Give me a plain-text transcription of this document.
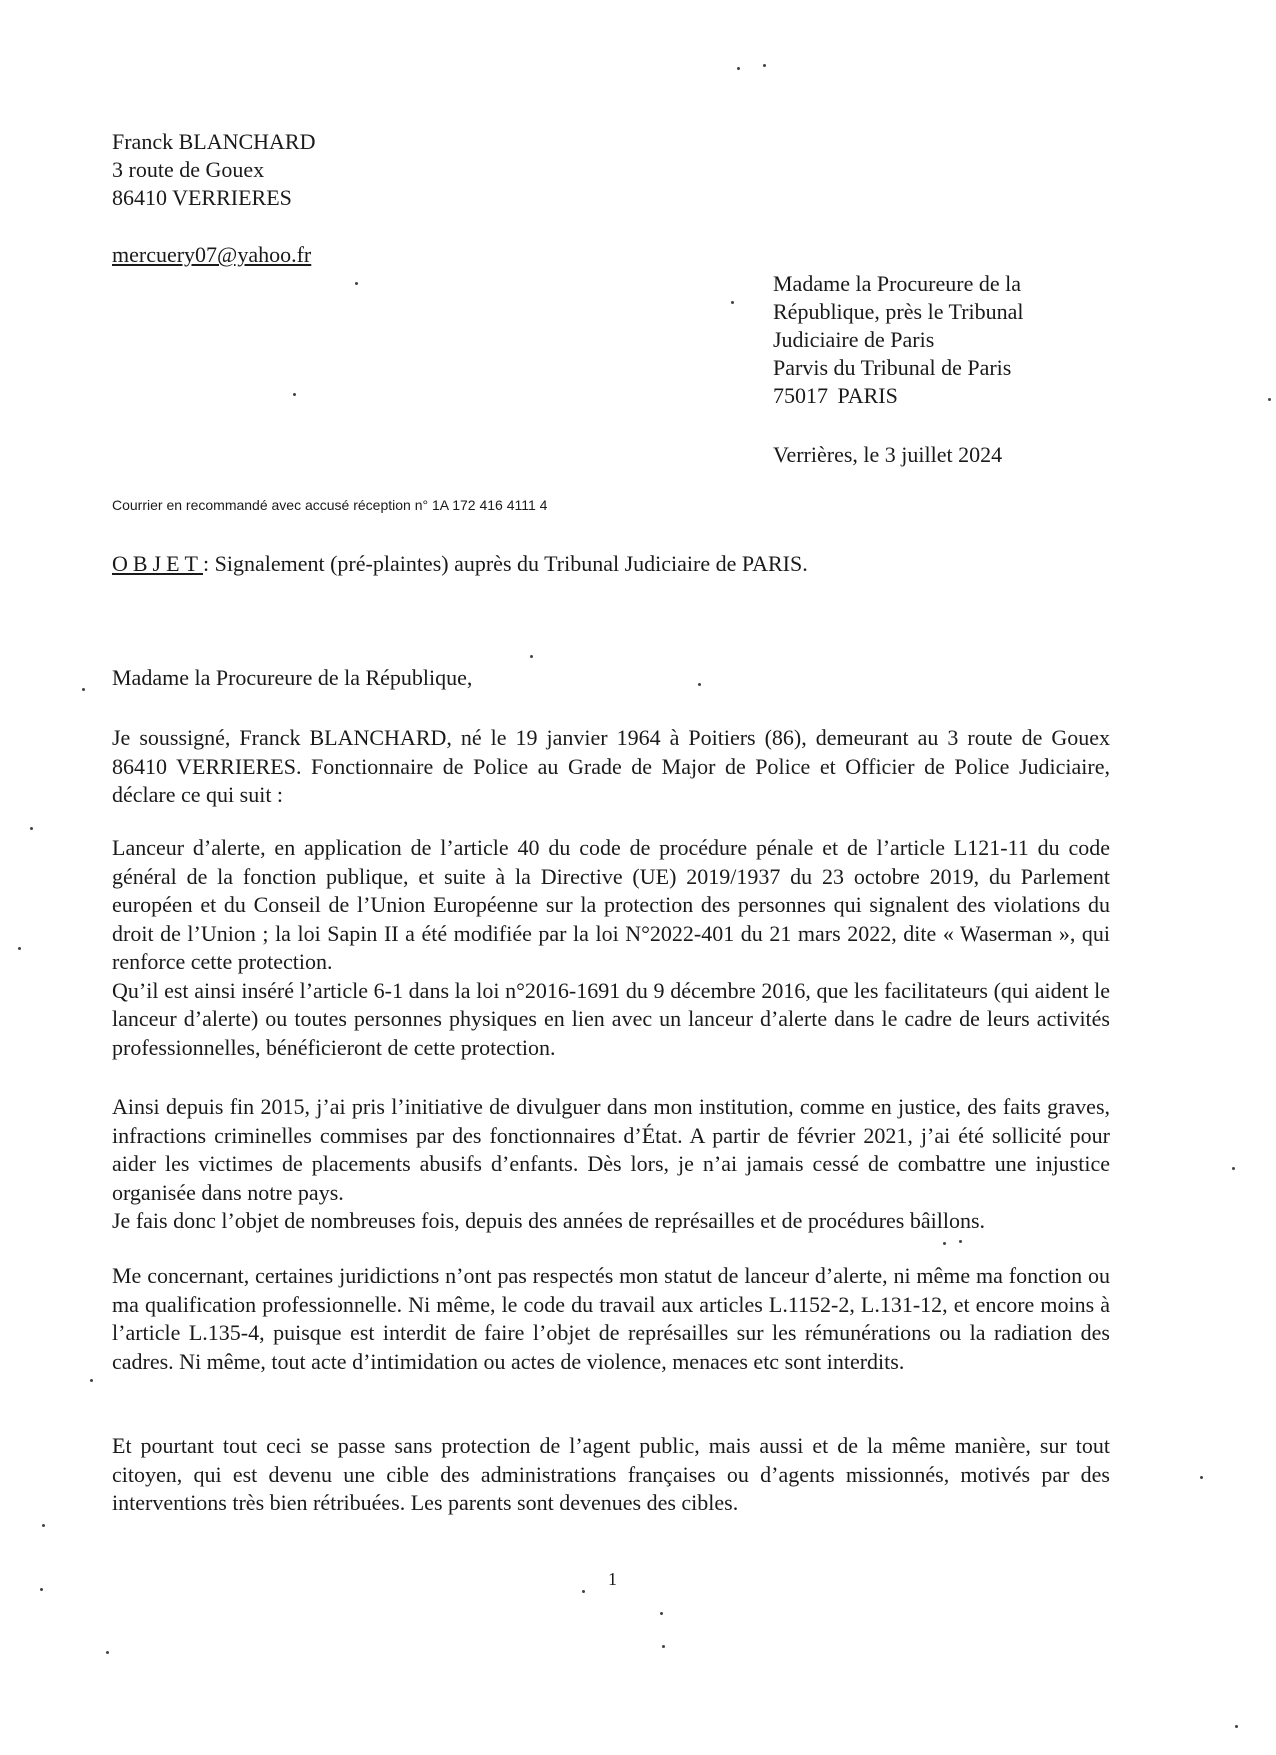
Franck BLANCHARD
3 route de Gouex
86410 VERRIERES
mercuery07@yahoo.fr
Madame la Procureure de la
République, près le Tribunal
Judiciaire de Paris
Parvis du Tribunal de Paris
75017 PARIS
Verrières, le 3 juillet 2024
Courrier en recommandé avec accusé réception n° 1A 172 416 4111 4
OBJET: Signalement (pré-plaintes) auprès du Tribunal Judiciaire de PARIS.
Madame la Procureure de la République,

Je soussigné, Franck BLANCHARD, né le 19 janvier 1964 à Poitiers (86), demeurant au 3 route de Gouex 86410 VERRIERES. Fonctionnaire de Police au Grade de Major de Police et Officier de Police Judiciaire, déclare ce qui suit :

Lanceur d’alerte, en application de l’article 40 du code de procédure pénale et de l’article L121-11 du code général de la fonction publique, et suite à la Directive (UE) 2019/1937 du 23 octobre 2019, du Parlement européen et du Conseil de l’Union Européenne sur la protection des personnes qui signalent des violations du droit de l’Union ; la loi Sapin II a été modifiée par la loi N°2022-401 du 21 mars 2022, dite « Waserman », qui renforce cette protection.

Qu’il est ainsi inséré l’article 6-1 dans la loi n°2016-1691 du 9 décembre 2016, que les facilitateurs (qui aident le lanceur d’alerte) ou toutes personnes physiques en lien avec un lanceur d’alerte dans le cadre de leurs activités professionnelles, bénéficieront de cette protection.

Ainsi depuis fin 2015, j’ai pris l’initiative de divulguer dans mon institution, comme en justice, des faits graves, infractions criminelles commises par des fonctionnaires d’État. A partir de février 2021, j’ai été sollicité pour aider les victimes de placements abusifs d’enfants. Dès lors, je n’ai jamais cessé de combattre une injustice organisée dans notre pays.

Je fais donc l’objet de nombreuses fois, depuis des années de représailles et de procédures bâillons.

Me concernant, certaines juridictions n’ont pas respectés mon statut de lanceur d’alerte, ni même ma fonction ou ma qualification professionnelle. Ni même, le code du travail aux articles L.1152-2, L.131-12, et encore moins à l’article L.135-4, puisque est interdit de faire l’objet de représailles sur les rémunérations ou la radiation des cadres. Ni même, tout acte d’intimidation ou actes de violence, menaces etc sont interdits.

Et pourtant tout ceci se passe sans protection de l’agent public, mais aussi et de la même manière, sur tout citoyen, qui est devenu une cible des administrations françaises ou d’agents missionnés, motivés par des interventions très bien rétribuées. Les parents sont devenues des cibles.

1
